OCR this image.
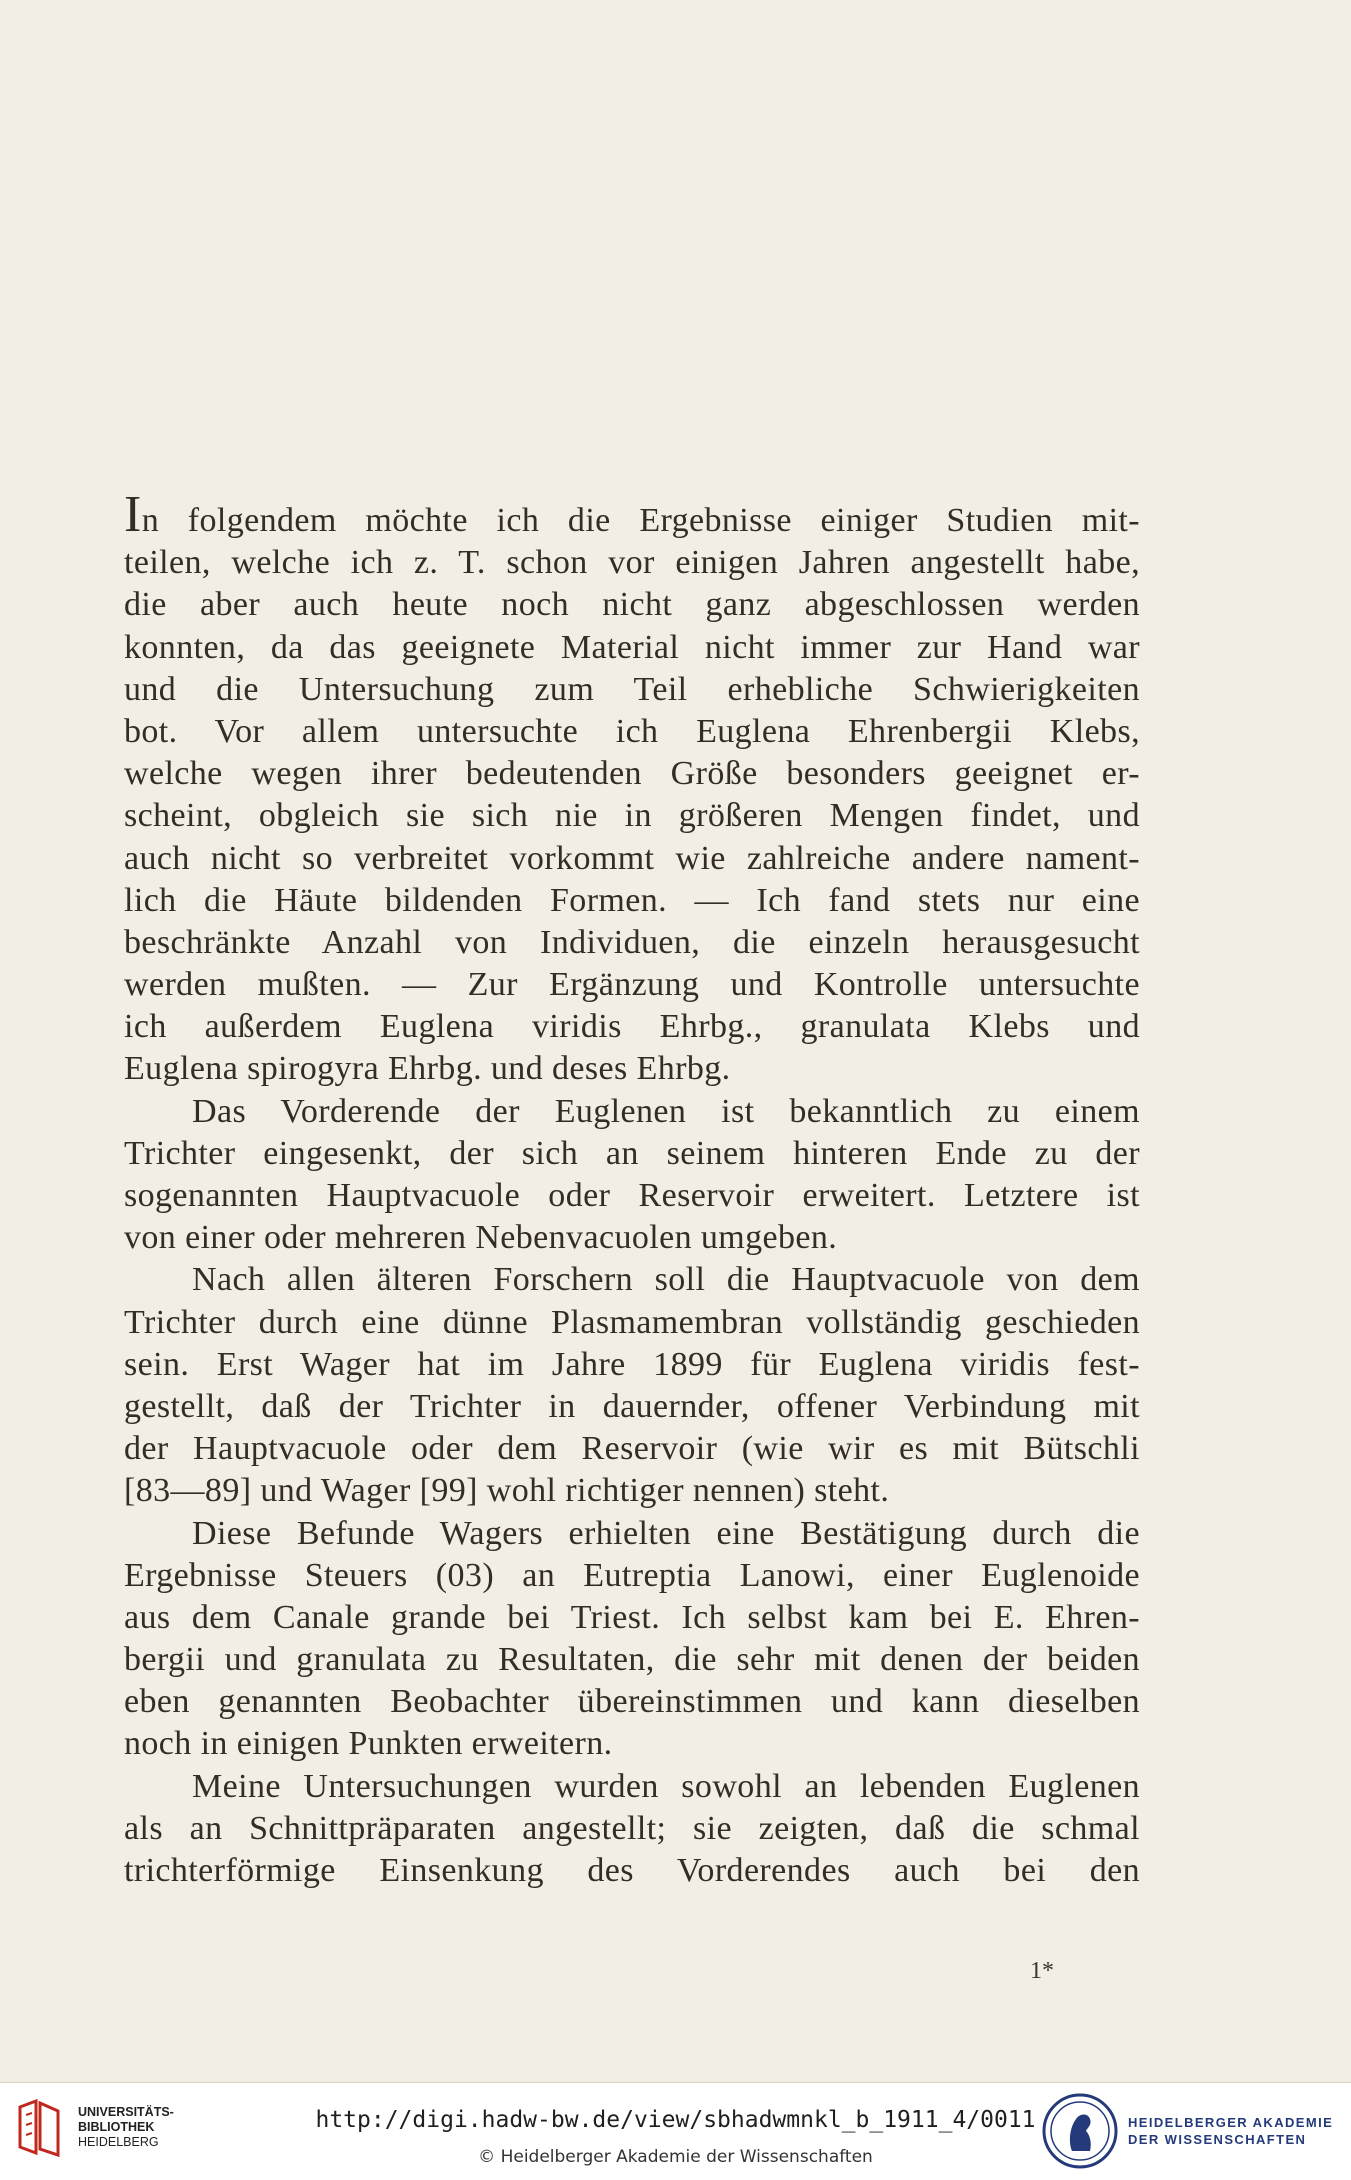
In folgendem möchte ich die Ergebnisse einiger Studien mit-
teilen, welche ich z. T. schon vor einigen Jahren angestellt habe,
die aber auch heute noch nicht ganz abgeschlossen werden
konnten, da das geeignete Material nicht immer zur Hand war
und die Untersuchung zum Teil erhebliche Schwierigkeiten
bot. Vor allem untersuchte ich Euglena Ehrenbergii Klebs,
welche wegen ihrer bedeutenden Größe besonders geeignet er-
scheint, obgleich sie sich nie in größeren Mengen findet, und
auch nicht so verbreitet vorkommt wie zahlreiche andere nament-
lich die Häute bildenden Formen. — Ich fand stets nur eine
beschränkte Anzahl von Individuen, die einzeln herausgesucht
werden mußten. — Zur Ergänzung und Kontrolle untersuchte
ich außerdem Euglena viridis Ehrbg., granulata Klebs und
Euglena spirogyra Ehrbg. und deses Ehrbg.
Das Vorderende der Euglenen ist bekanntlich zu einem
Trichter eingesenkt, der sich an seinem hinteren Ende zu der
sogenannten Hauptvacuole oder Reservoir erweitert. Letztere ist
von einer oder mehreren Nebenvacuolen umgeben.
Nach allen älteren Forschern soll die Hauptvacuole von dem
Trichter durch eine dünne Plasmamembran vollständig geschieden
sein. Erst Wager hat im Jahre 1899 für Euglena viridis fest-
gestellt, daß der Trichter in dauernder, offener Verbindung mit
der Hauptvacuole oder dem Reservoir (wie wir es mit Bütschli
[83—89] und Wager [99] wohl richtiger nennen) steht.
Diese Befunde Wagers erhielten eine Bestätigung durch die
Ergebnisse Steuers (03) an Eutreptia Lanowi, einer Euglenoide
aus dem Canale grande bei Triest. Ich selbst kam bei E. Ehren-
bergii und granulata zu Resultaten, die sehr mit denen der beiden
eben genannten Beobachter übereinstimmen und kann dieselben
noch in einigen Punkten erweitern.
Meine Untersuchungen wurden sowohl an lebenden Euglenen
als an Schnittpräparaten angestellt; sie zeigten, daß die schmal
trichterförmige Einsenkung des Vorderendes auch bei den
1*
UNIVERSITÄTS-
BIBLIOTHEK
HEIDELBERG
http://digi.hadw-bw.de/view/sbhadwmnkl_b_1911_4/0011
© Heidelberger Akademie der Wissenschaften
HEIDELBERGER AKADEMIE
DER WISSENSCHAFTEN
